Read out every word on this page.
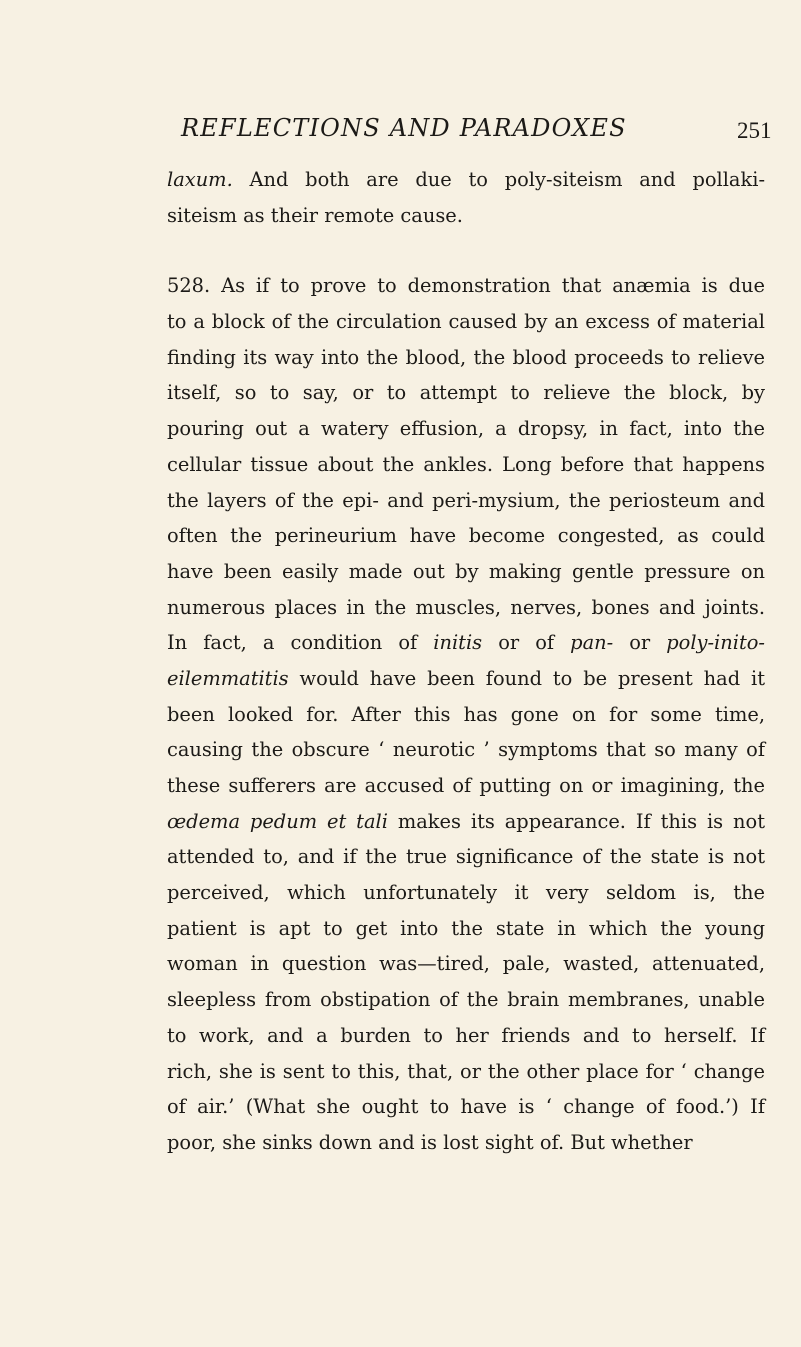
REFLECTIONS AND PARADOXES	251

laxum. And both are due to poly-siteism and pollaki-
siteism as their remote cause.

528. As if to prove to demonstration that anæmia is due
to a block of the circulation caused by an excess of material
finding its way into the blood, the blood proceeds to relieve
itself, so to say, or to attempt to relieve the block, by
pouring out a watery effusion, a dropsy, in fact, into the
cellular tissue about the ankles. Long before that happens
the layers of the epi- and peri-mysium, the periosteum and
often the perineurium have become congested, as could
have been easily made out by making gentle pressure on
numerous places in the muscles, nerves, bones and joints.
In fact, a condition of initis or of pan- or poly-inito-
eilemmatitis would have been found to be present had it
been looked for. After this has gone on for some time,
causing the obscure ‘ neurotic ’ symptoms that so many of
these sufferers are accused of putting on or imagining, the
œdema pedum et tali makes its appearance. If this is not
attended to, and if the true significance of the state is not
perceived, which unfortunately it very seldom is, the
patient is apt to get into the state in which the young
woman in question was—tired, pale, wasted, attenuated,
sleepless from obstipation of the brain membranes, unable
to work, and a burden to her friends and to herself. If
rich, she is sent to this, that, or the other place for ‘ change
of air.’ (What she ought to have is ‘ change of food.’) If
poor, she sinks down and is lost sight of. But whether
